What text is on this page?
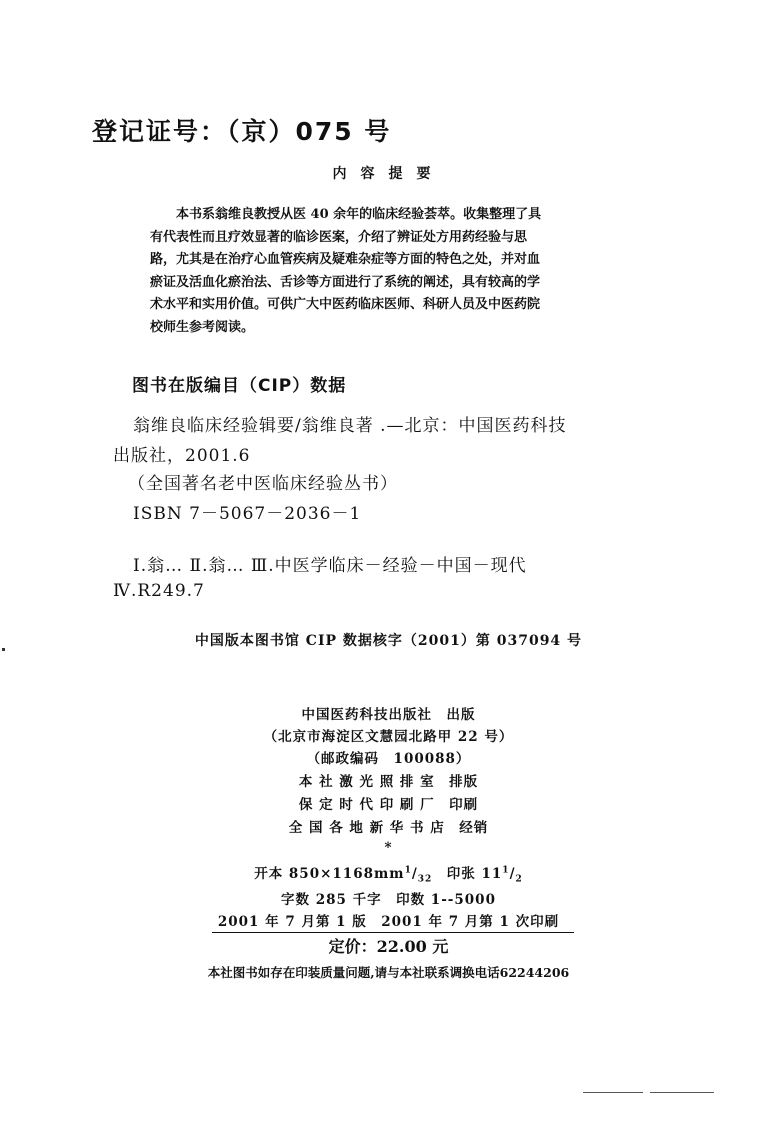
登记证号：（京）075 号
内容提要
本书系翁维良教授从医 40 余年的临床经验荟萃。收集整理了具
有代表性而且疗效显著的临诊医案，介绍了辨证处方用药经验与思
路，尤其是在治疗心血管疾病及疑难杂症等方面的特色之处，并对血
瘀证及活血化瘀治法、舌诊等方面进行了系统的阐述，具有较高的学
术水平和实用价值。可供广大中医药临床医师、科研人员及中医药院
校师生参考阅读。
图书在版编目（CIP）数据
翁维良临床经验辑要/翁维良著 .—北京：中国医药科技
出版社，2001.6
（全国著名老中医临床经验丛书）
ISBN 7－5067－2036－1
Ⅰ.翁… Ⅱ.翁… Ⅲ.中医学临床－经验－中国－现代
Ⅳ.R249.7
中国版本图书馆 CIP 数据核字（2001）第 037094 号
中国医药科技出版社　出版
（北京市海淀区文慧园北路甲 22 号）
（邮政编码　100088）
本 社 激 光 照 排 室　排版
保 定 时 代 印 刷 厂　印刷
全 国 各 地 新 华 书 店　经销
*
开本 $850\times 1168mm^1/_{32}$　印张 $11^1/_2$
字数 285 千字　印数 1--5000
2001 年 7 月第 1 版　2001 年 7 月第 1 次印刷
定价：22.00 元
本社图书如存在印装质量问题,请与本社联系调换电话62244206
